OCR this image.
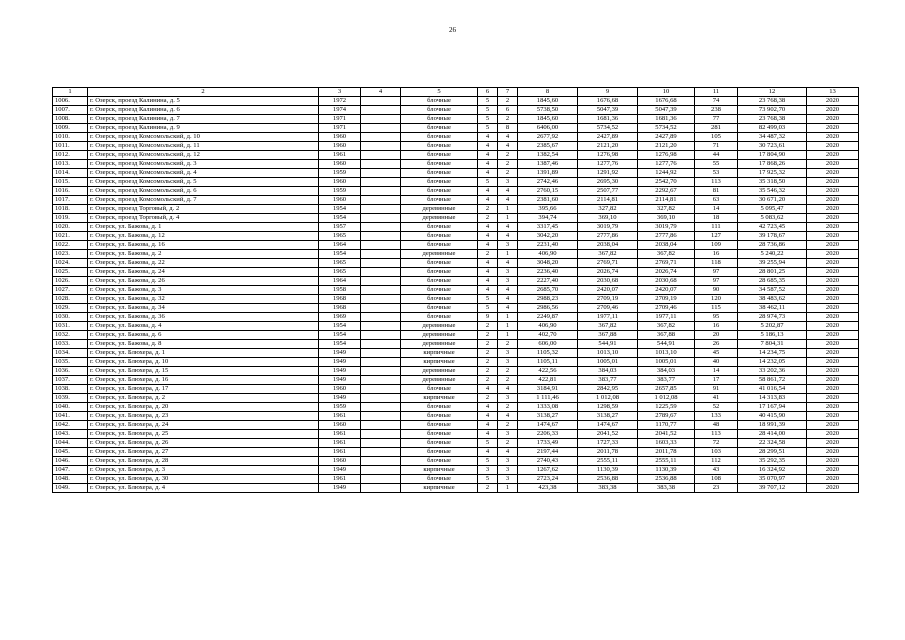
26
1	2	3	4	5	6	7	8	9	10	11	12	13
1006.	г. Озерск, проезд Калинина, д. 5	1972		блочные	5	2	1845,60	1676,68	1676,68	74	23 768,38	2020
1007.	г. Озерск, проезд Калинина, д. 6	1974		блочные	5	6	5738,50	5047,39	5047,39	238	73 902,70	2020
1008.	г. Озерск, проезд Калинина, д. 7	1971		блочные	5	2	1845,60	1681,36	1681,36	77	23 768,38	2020
1009.	г. Озерск, проезд Калинина, д. 9	1971		блочные	5	8	6406,00	5734,52	5734,52	281	82 499,03	2020
1010.	г. Озерск, проезд Комсомольский, д. 10	1960		блочные	4	4	2677,92	2427,89	2427,89	105	34 487,32	2020
1011.	г. Озерск, проезд Комсомольский, д. 11	1960		блочные	4	4	2385,67	2121,20	2121,20	71	30 723,61	2020
1012.	г. Озерск, проезд Комсомольский, д. 12	1961		блочные	4	2	1382,54	1276,98	1276,98	44	17 804,90	2020
1013.	г. Озерск, проезд Комсомольский, д. 3	1960		блочные	4	2	1387,46	1277,76	1277,76	55	17 868,26	2020
1014.	г. Озерск, проезд Комсомольский, д. 4	1959		блочные	4	2	1391,89	1291,92	1244,92	53	17 925,32	2020
1015.	г. Озерск, проезд Комсомольский, д. 5	1960		блочные	5	3	2742,46	2695,30	2542,70	113	35 318,50	2020
1016.	г. Озерск, проезд Комсомольский, д. 6	1959		блочные	4	4	2760,15	2507,77	2292,67	81	35 546,32	2020
1017.	г. Озерск, проезд Комсомольский, д. 7	1960		блочные	4	4	2381,60	2114,81	2114,81	63	30 671,20	2020
1018.	г. Озерск, проезд Торговый, д. 2	1954		деревянные	2	1	395,66	327,82	327,82	14	5 095,47	2020
1019.	г. Озерск, проезд Торговый, д. 4	1954		деревянные	2	1	394,74	369,10	369,10	18	5 083,62	2020
1020.	г. Озерск, ул. Бажова, д. 1	1957		блочные	4	4	3317,45	3019,79	3019,79	111	42 723,45	2020
1021.	г. Озерск, ул. Бажова, д. 12	1965		блочные	4	4	3042,20	2777,86	2777,86	127	39 178,67	2020
1022.	г. Озерск, ул. Бажова, д. 16	1964		блочные	4	3	2231,40	2038,04	2038,04	109	28 736,86	2020
1023.	г. Озерск, ул. Бажова, д. 2	1954		деревянные	2	1	406,90	367,82	367,82	16	5 240,22	2020
1024.	г. Озерск, ул. Бажова, д. 22	1965		блочные	4	4	3048,20	2769,71	2769,71	118	39 255,94	2020
1025.	г. Озерск, ул. Бажова, д. 24	1965		блочные	4	3	2236,40	2026,74	2026,74	97	28 801,25	2020
1026.	г. Озерск, ул. Бажова, д. 26	1964		блочные	4	3	2227,40	2030,68	2030,68	97	28 685,35	2020
1027.	г. Озерск, ул. Бажова, д. 3	1958		блочные	4	4	2685,70	2420,07	2420,07	90	34 587,52	2020
1028.	г. Озерск, ул. Бажова, д. 32	1968		блочные	5	4	2988,23	2709,19	2709,19	120	38 483,62	2020
1029.	г. Озерск, ул. Бажова, д. 34	1968		блочные	5	4	2986,56	2709,46	2709,46	115	38 462,11	2020
1030.	г. Озерск, ул. Бажова, д. 36	1969		блочные	9	1	2249,87	1977,11	1977,11	95	28 974,73	2020
1031.	г. Озерск, ул. Бажова, д. 4	1954		деревянные	2	1	406,90	367,82	367,82	16	5 202,87	2020
1032.	г. Озерск, ул. Бажова, д. 6	1954		деревянные	2	1	402,70	367,88	367,88	20	5 186,13	2020
1033.	г. Озерск, ул. Бажова, д. 8	1954		деревянные	2	2	606,00	544,91	544,91	26	7 804,31	2020
1034.	г. Озерск, ул. Блюхера, д. 1	1949		кирпичные	2	3	1105,32	1013,10	1013,10	45	14 234,75	2020
1035.	г. Озерск, ул. Блюхера, д. 10	1949		кирпичные	2	3	1105,11	1005,01	1005,01	40	14 232,05	2020
1036.	г. Озерск, ул. Блюхера, д. 15	1949		деревянные	2	2	422,56	384,03	384,03	14	33 202,36	2020
1037.	г. Озерск, ул. Блюхера, д. 16	1949		деревянные	2	2	422,81	383,77	383,77	17	58 861,72	2020
1038.	г. Озерск, ул. Блюхера, д. 17	1960		блочные	4	4	3184,91	2842,95	2657,85	91	41 016,54	2020
1039.	г. Озерск, ул. Блюхера, д. 2	1949		кирпичные	2	3	1 111,46	1 012,08	1 012,08	41	14 313,83	2020
1040.	г. Озерск, ул. Блюхера, д. 20	1959		блочные	4	2	1333,08	1298,59	1225,59	52	17 167,94	2020
1041.	г. Озерск, ул. Блюхера, д. 23	1961		блочные	4	4	3138,27	3138,27	2789,67	133	40 415,90	2020
1042.	г. Озерск, ул. Блюхера, д. 24	1960		блочные	4	2	1474,67	1474,67	1170,77	48	18 991,39	2020
1043.	г. Озерск, ул. Блюхера, д. 25	1961		блочные	4	3	2206,33	2041,52	2041,52	113	28 414,00	2020
1044.	г. Озерск, ул. Блюхера, д. 26	1961		блочные	5	2	1733,49	1727,33	1603,33	72	22 324,58	2020
1045.	г. Озерск, ул. Блюхера, д. 27	1961		блочные	4	4	2197,44	2011,78	2011,78	103	28 299,51	2020
1046.	г. Озерск, ул. Блюхера, д. 28	1960		блочные	5	3	2740,43	2555,11	2555,11	112	35 292,35	2020
1047.	г. Озерск, ул. Блюхера, д. 3	1949		кирпичные	3	3	1267,62	1130,39	1130,39	43	16 324,92	2020
1048.	г. Озерск, ул. Блюхера, д. 30	1961		блочные	5	3	2723,24	2536,88	2536,88	108	35 070,97	2020
1049.	г. Озерск, ул. Блюхера, д. 4	1949		кирпичные	2	1	423,38	383,38	383,38	23	39 707,12	2020
